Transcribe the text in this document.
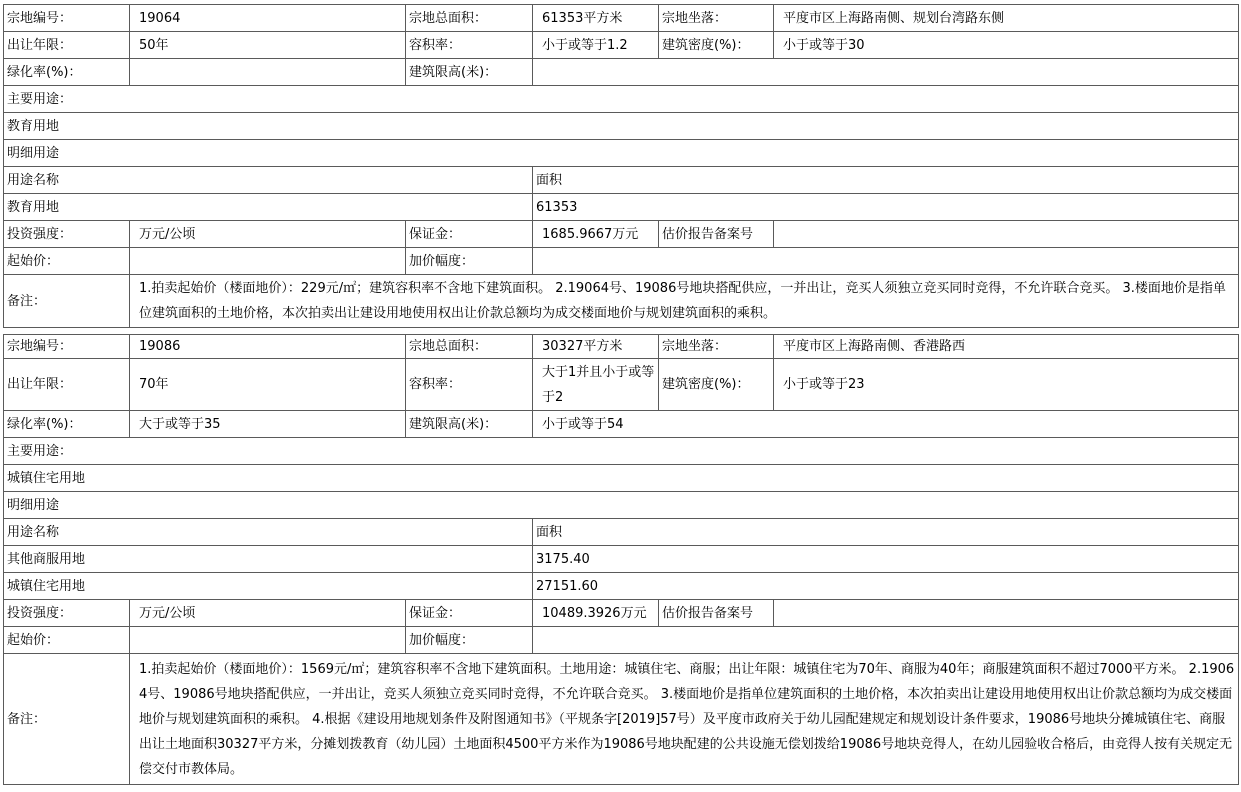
宗地编号：	19064	宗地总面积：	61353平方米	宗地坐落：	平度市区上海路南侧、规划台湾路东侧
出让年限：	50年	容积率：	小于或等于1.2	建筑密度(%)：	小于或等于30
绿化率(%)：		建筑限高(米)：			
主要用途：					
教育用地					
明细用途					
用途名称			面积		
教育用地			61353		
投资强度：	万元/公顷	保证金：	1685.9667万元	估价报告备案号	
起始价：		加价幅度：			
备注：	1.拍卖起始价（楼面地价）：229元/㎡；建筑容积率不含地下建筑面积。 2.19064号、19086号地块搭配供应，一并出让，竞买人须独立竞买同时竞得，不允许联合竞买。 3.楼面地价是指单位建筑面积的土地价格，本次拍卖出让建设用地使用权出让价款总额均为成交楼面地价与规划建筑面积的乘积。				
宗地编号：	19086	宗地总面积：	30327平方米	宗地坐落：	平度市区上海路南侧、香港路西
出让年限：	70年	容积率：	大于1并且小于或等于2	建筑密度(%)：	小于或等于23
绿化率(%)：	大于或等于35	建筑限高(米)：	小于或等于54		
主要用途：					
城镇住宅用地					
明细用途					
用途名称			面积		
其他商服用地			3175.40		
城镇住宅用地			27151.60		
投资强度：	万元/公顷	保证金：	10489.3926万元	估价报告备案号	
起始价：		加价幅度：			
备注：	1.拍卖起始价（楼面地价）：1569元/㎡；建筑容积率不含地下建筑面积。土地用途：城镇住宅、商服；出让年限：城镇住宅为70年、商服为40年；商服建筑面积不超过7000平方米。 2.19064号、19086号地块搭配供应，一并出让，竞买人须独立竞买同时竞得，不允许联合竞买。 3.楼面地价是指单位建筑面积的土地价格，本次拍卖出让建设用地使用权出让价款总额均为成交楼面地价与规划建筑面积的乘积。 4.根据《建设用地规划条件及附图通知书》（平规条字[2019]57号）及平度市政府关于幼儿园配建规定和规划设计条件要求，19086号地块分摊城镇住宅、商服出让土地面积30327平方米，分摊划拨教育（幼儿园）土地面积4500平方米作为19086号地块配建的公共设施无偿划拨给19086号地块竞得人，在幼儿园验收合格后，由竞得人按有关规定无偿交付市教体局。				
